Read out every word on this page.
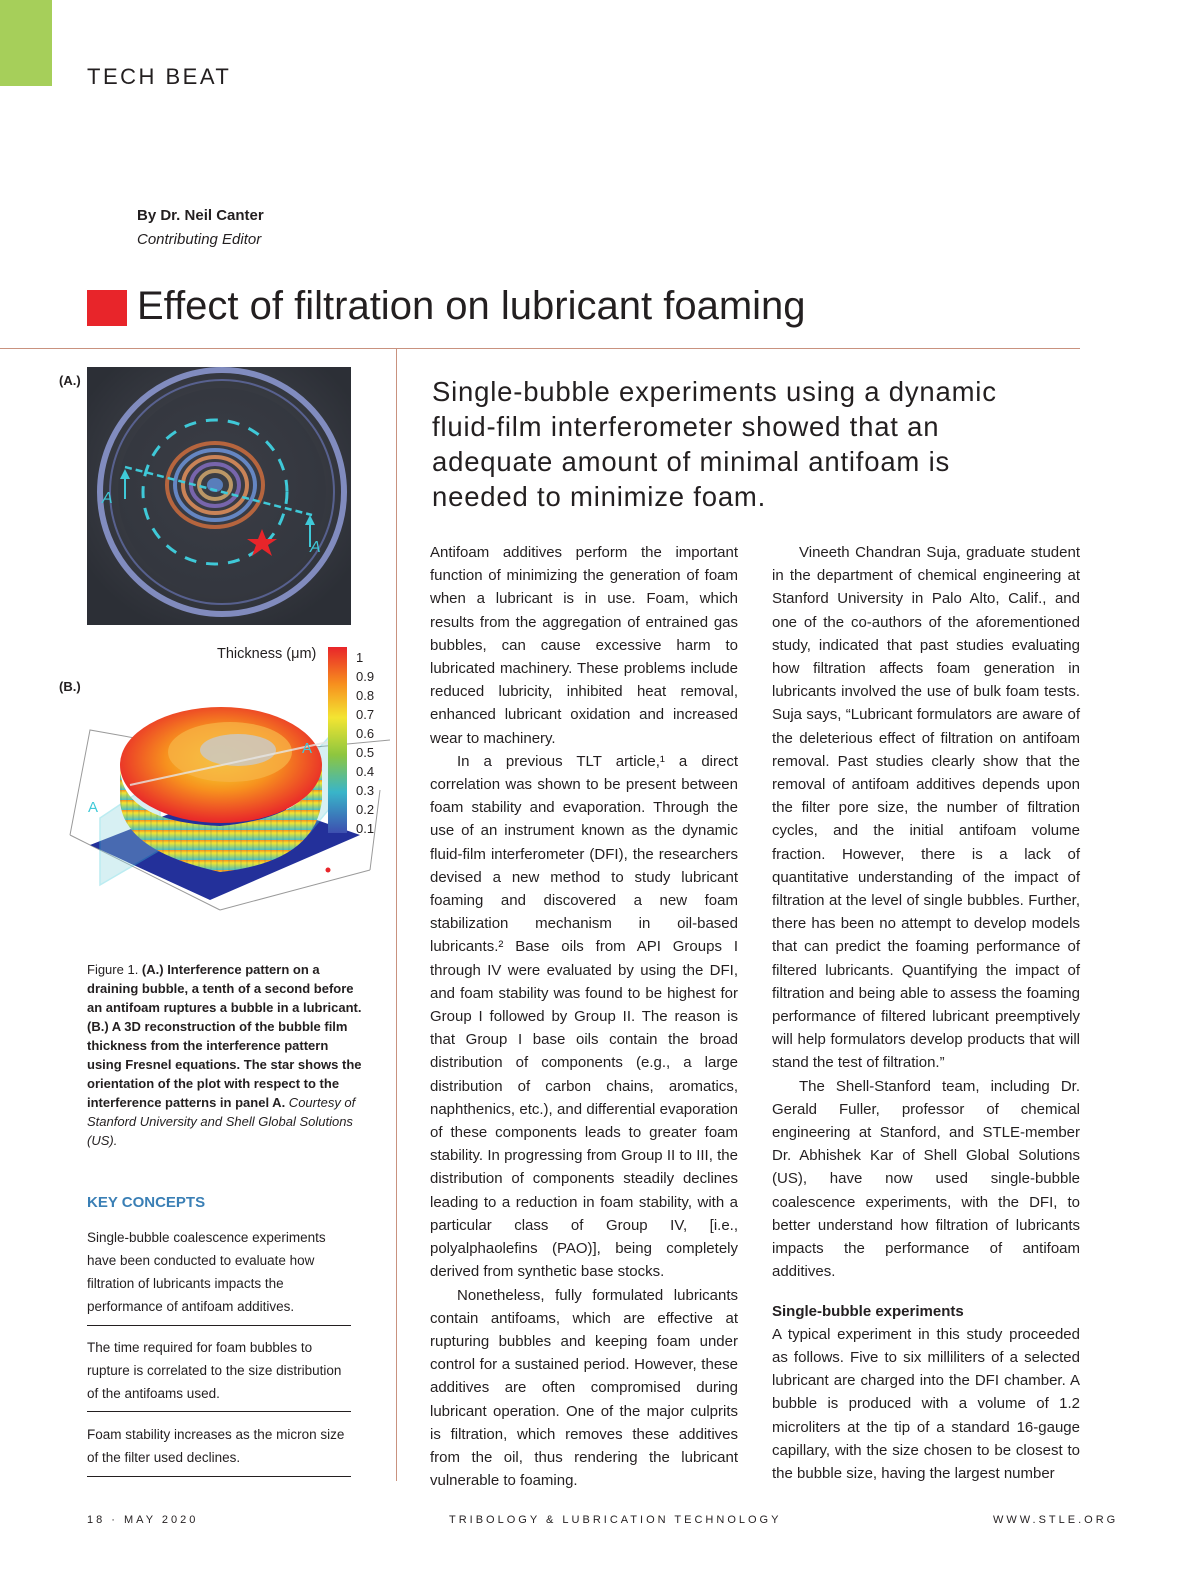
TECH BEAT
By Dr. Neil Canter
Contributing Editor
Effect of filtration on lubricant foaming
(A.)
(B.)
A
A
A
A
Thickness (μm)	1
0.9
0.8
0.7
0.6
0.5
0.4
0.3
0.2
0.1
Single-bubble experiments using a dynamic fluid-film interferometer showed that an adequate amount of minimal antifoam is needed to minimize foam.

Antifoam additives perform the important function of minimizing the generation of foam when a lubricant is in use. Foam, which results from the aggregation of entrained gas bubbles, can cause excessive harm to lubricated machinery. These problems include reduced lubricity, inhibited heat removal, enhanced lubricant oxidation and increased wear to machinery.

In a previous TLT article,¹ a direct correlation was shown to be present between foam stability and evaporation. Through the use of an instrument known as the dynamic fluid-film interferometer (DFI), the researchers devised a new method to study lubricant foaming and discovered a new foam stabilization mechanism in oil-based lubricants.² Base oils from API Groups I through IV were evaluated by using the DFI, and foam stability was found to be highest for Group I followed by Group II. The reason is that Group I base oils contain the broad distribution of components (e.g., a large distribution of carbon chains, aromatics, naphthenics, etc.), and differential evaporation of these components leads to greater foam stability. In progressing from Group II to III, the distribution of components steadily declines leading to a reduction in foam stability, with a particular class of Group IV, [i.e., polyalphaolefins (PAO)], being completely derived from synthetic base stocks.

Nonetheless, fully formulated lubricants contain antifoams, which are effective at rupturing bubbles and keeping foam under control for a sustained period. However, these additives are often compromised during lubricant operation. One of the major culprits is filtration, which removes these additives from the oil, thus rendering the lubricant vulnerable to foaming.

Vineeth Chandran Suja, graduate student in the department of chemical engineering at Stanford University in Palo Alto, Calif., and one of the co-authors of the aforementioned study, indicated that past studies evaluating how filtration affects foam generation in lubricants involved the use of bulk foam tests. Suja says, “Lubricant formulators are aware of the deleterious effect of filtration on antifoam removal. Past studies clearly show that the removal of antifoam additives depends upon the filter pore size, the number of filtration cycles, and the initial antifoam volume fraction. However, there is a lack of quantitative understanding of the impact of filtration at the level of single bubbles. Further, there has been no attempt to develop models that can predict the foaming performance of filtered lubricants. Quantifying the impact of filtration and being able to assess the foaming performance of filtered lubricant preemptively will help formulators develop products that will stand the test of filtration.”

The Shell-Stanford team, including Dr. Gerald Fuller, professor of chemical engineering at Stanford, and STLE-member Dr. Abhishek Kar of Shell Global Solutions (US), have now used single-bubble coalescence experiments, with the DFI, to better understand how filtration of lubricants impacts the performance of antifoam additives.

Single-bubble experiments

A typical experiment in this study proceeded as follows. Five to six milliliters of a selected lubricant are charged into the DFI chamber. A bubble is produced with a volume of 1.2 microliters at the tip of a standard 16-gauge capillary, with the size chosen to be closest to the bubble size, having the largest number

Figure 1. (A.) Interference pattern on a draining bubble, a tenth of a second before an antifoam ruptures a bubble in a lubricant. (B.) A 3D reconstruction of the bubble film thickness from the interference pattern using Fresnel equations. The star shows the orientation of the plot with respect to the interference patterns in panel A. Courtesy of Stanford University and Shell Global Solutions (US).
KEY CONCEPTS
Single-bubble coalescence experiments have been conducted to evaluate how filtration of lubricants impacts the performance of antifoam additives.
The time required for foam bubbles to rupture is correlated to the size distribution of the antifoams used.
Foam stability increases as the micron size of the filter used declines.
18 · MAY 2020	TRIBOLOGY & LUBRICATION TECHNOLOGY	WWW.STLE.ORG
